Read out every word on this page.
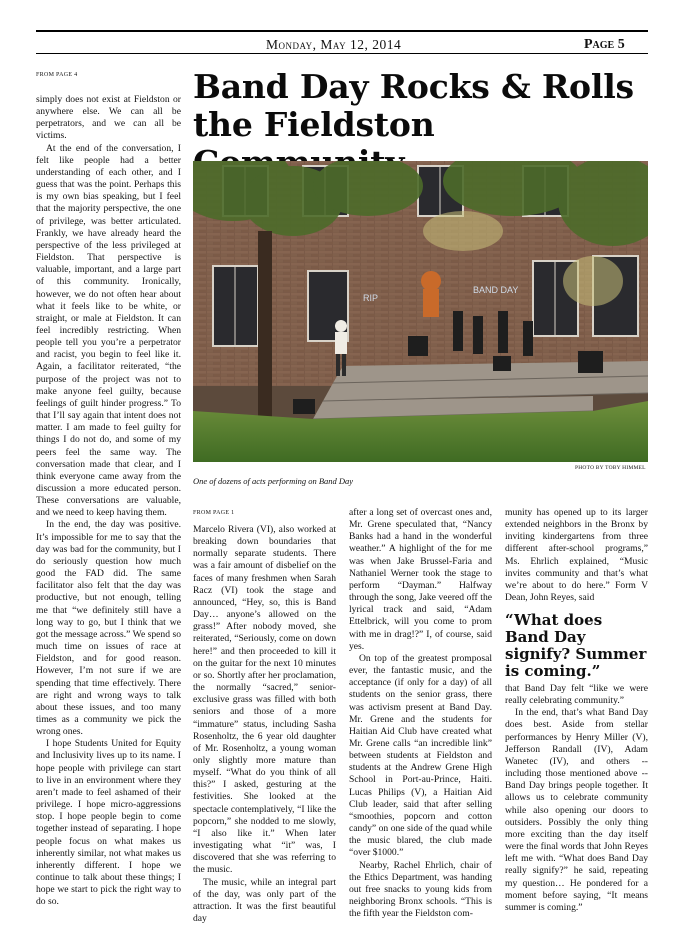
Monday, May 12, 2014	Page 5
FROM PAGE 4

simply does not exist at Fieldston or anywhere else. We can all be perpetrators, and we can all be victims.

At the end of the conversation, I felt like people had a better understanding of each other, and I guess that was the point. Perhaps this is my own bias speaking, but I feel that the majority perspective, the one of privilege, was better articulated. Frankly, we have already heard the perspective of the less privileged at Fieldston. That perspective is valuable, important, and a large part of this community. Ironically, however, we do not often hear about what it feels like to be white, or straight, or male at Fieldston. It can feel incredibly restricting. When people tell you you’re a perpetrator and racist, you begin to feel like it. Again, a facilitator reiterated, “the purpose of the project was not to make anyone feel guilty, because feelings of guilt hinder progress.” To that I’ll say again that intent does not matter. I am made to feel guilty for things I do not do, and some of my peers feel the same way. The conversation made that clear, and I think everyone came away from the discussion a more educated person. These conversations are valuable, and we need to keep having them.

In the end, the day was positive. It’s impossible for me to say that the day was bad for the community, but I do seriously question how much good the FAD did. The same facilitator also felt that the day was productive, but not enough, telling me that “we definitely still have a long way to go, but I think that we got the message across.” We spend so much time on issues of race at Fieldston, and for good reason. However, I’m not sure if we are spending that time effectively. There are right and wrong ways to talk about these issues, and too many times as a community we pick the wrong ones.

I hope Students United for Equity and Inclusivity lives up to its name. I hope people with privilege can start to live in an environment where they aren’t made to feel ashamed of their privilege. I hope micro-aggressions stop. I hope people begin to come together instead of separating. I hope people focus on what makes us inherently similar, not what makes us inherently different. I hope we continue to talk about these things; I hope we start to pick the right way to do so.

Band Day Rocks & Rolls the Fieldston
RIP
BAND DAY
PHOTO BY TOBY HIMMEL
One of dozens of acts performing on Band Day
FROM PAGE 1

Marcelo Rivera (VI), also worked at breaking down boundaries that normally separate students. There was a fair amount of disbelief on the faces of many freshmen when Sarah Racz (VI) took the stage and announced, “Hey, so, this is Band Day… anyone’s allowed on the grass!” After nobody moved, she reiterated, “Seriously, come on down here!” and then proceeded to kill it on the guitar for the next 10 minutes or so. Shortly after her proclamation, the normally “sacred,” senior-exclusive grass was filled with both seniors and those of a more “immature” status, including Sasha Rosenholtz, the 6 year old daughter of Mr. Rosenholtz, a young woman only slightly more mature than myself. “What do you think of all this?” I asked, gesturing at the festivities. She looked at the spectacle contemplatively, “I like the popcorn,” she nodded to me slowly, “I also like it.” When later investigating what “it” was, I discovered that she was referring to the music.

The music, while an integral part of the day, was only part of the attraction. It was the first beautiful day

after a long set of overcast ones and, Mr. Grene speculated that, “Nancy Banks had a hand in the wonderful weather.” A highlight of the for me was when Jake Brussel-Faria and Nathaniel Werner took the stage to perform “Dayman.” Halfway through the song, Jake veered off the lyrical track and said, “Adam Ettelbrick, will you come to prom with me in drag!?” I, of course, said yes.

On top of the greatest promposal ever, the fantastic music, and the acceptance (if only for a day) of all students on the senior grass, there was activism present at Band Day. Mr. Grene and the students for Haitian Aid Club have created what Mr. Grene calls “an incredible link” between students at Fieldston and students at the Andrew Grene High School in Port-au-Prince, Haiti. Lucas Philips (V), a Haitian Aid Club leader, said that after selling “smoothies, popcorn and cotton candy” on one side of the quad while the music blared, the club made “over $1000.”

Nearby, Rachel Ehrlich, chair of the Ethics Department, was handing out free snacks to young kids from neighboring Bronx schools. “This is the fifth year the Fieldston com-

munity has opened up to its larger extended neighbors in the Bronx by inviting kindergartens from three different after-school programs,” Ms. Ehrlich explained, “Music invites community and that’s what we’re about to do here.” Form V Dean, John Reyes, said

“What does Band Day signify? Summer is coming.”

that Band Day felt “like we were really celebrating community.”

In the end, that’s what Band Day does best. Aside from stellar performances by Henry Miller (V), Jefferson Randall (IV), Adam Wanetec (IV), and others -- including those mentioned above -- Band Day brings people together. It allows us to celebrate community while also opening our doors to outsiders. Possibly the only thing more exciting than the day itself were the final words that John Reyes left me with. “What does Band Day really signify?” he said, repeating my question… He pondered for a moment before saying, “It means summer is coming.”
